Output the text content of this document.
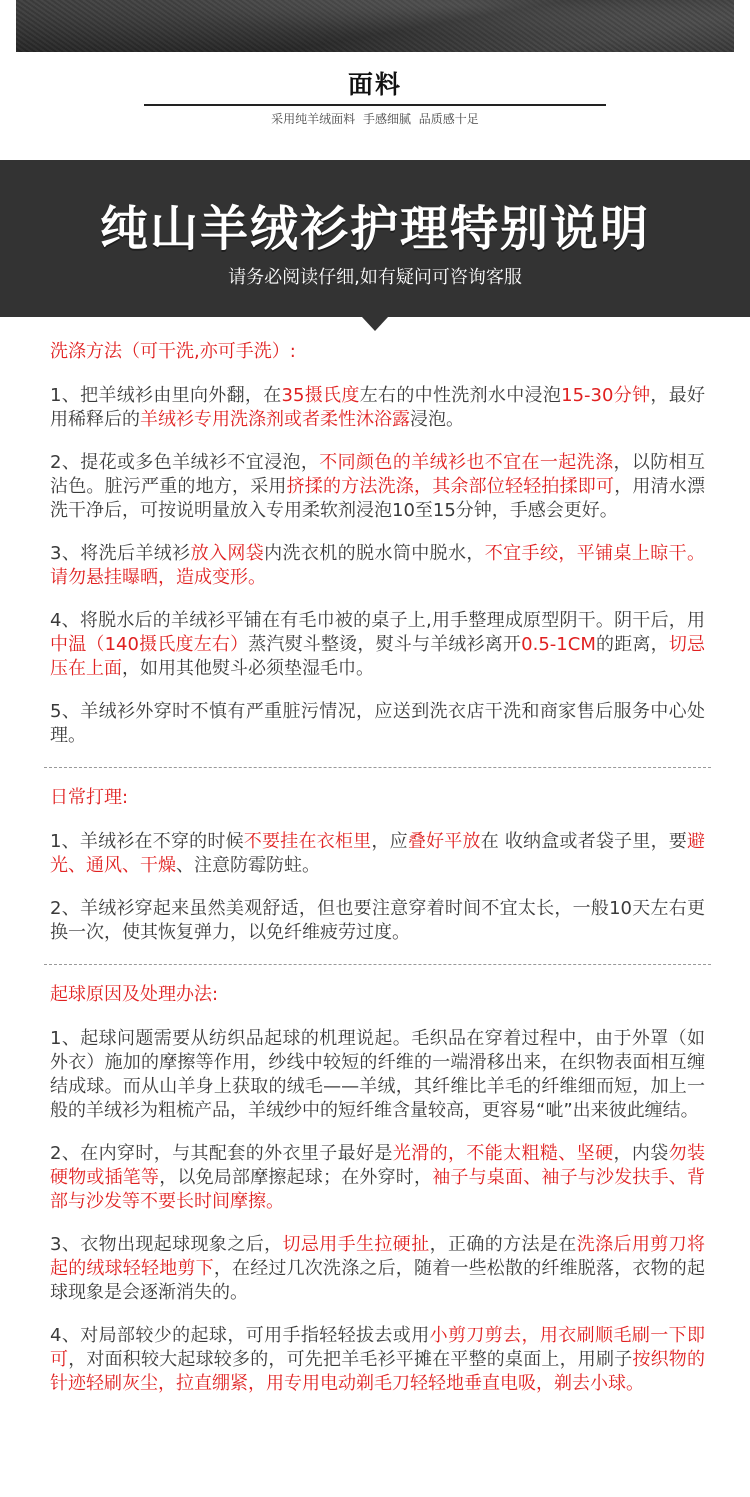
面料
采用纯羊绒面料 手感细腻 品质感十足
纯山羊绒衫护理特别说明
请务必阅读仔细,如有疑问可咨询客服

洗涤方法（可干洗,亦可手洗）:

1、把羊绒衫由里向外翻，在35摄氏度左右的中性洗剂水中浸泡15-30分钟，最好用稀释后的羊绒衫专用洗涤剂或者柔性沐浴露浸泡。

2、提花或多色羊绒衫不宜浸泡，不同颜色的羊绒衫也不宜在一起洗涤，以防相互沾色。脏污严重的地方，采用挤揉的方法洗涤，其余部位轻轻拍揉即可，用清水漂洗干净后，可按说明量放入专用柔软剂浸泡10至15分钟，手感会更好。

3、将洗后羊绒衫放入网袋内洗衣机的脱水筒中脱水，不宜手绞，平铺桌上晾干。请勿悬挂曝晒，造成变形。

4、将脱水后的羊绒衫平铺在有毛巾被的桌子上,用手整理成原型阴干。阴干后，用中温（140摄氏度左右）蒸汽熨斗整烫，熨斗与羊绒衫离开0.5-1CM的距离，切忌压在上面，如用其他熨斗必须垫湿毛巾。

5、羊绒衫外穿时不慎有严重脏污情况，应送到洗衣店干洗和商家售后服务中心处理。

日常打理:

1、羊绒衫在不穿的时候不要挂在衣柜里，应叠好平放在 收纳盒或者袋子里，要避光、通风、干燥、注意防霉防蛀。

2、羊绒衫穿起来虽然美观舒适，但也要注意穿着时间不宜太长，一般10天左右更换一次，使其恢复弹力，以免纤维疲劳过度。

起球原因及处理办法:

1、起球问题需要从纺织品起球的机理说起。毛织品在穿着过程中，由于外罩（如外衣）施加的摩擦等作用，纱线中较短的纤维的一端滑移出来，在织物表面相互缠结成球。而从山羊身上获取的绒毛——羊绒，其纤维比羊毛的纤维细而短，加上一般的羊绒衫为粗梳产品，羊绒纱中的短纤维含量较高，更容易“呲”出来彼此缠结。

2、在内穿时，与其配套的外衣里子最好是光滑的，不能太粗糙、坚硬，内袋勿装硬物或插笔等，以免局部摩擦起球；在外穿时，袖子与桌面、袖子与沙发扶手、背部与沙发等不要长时间摩擦。

3、衣物出现起球现象之后，切忌用手生拉硬扯，正确的方法是在洗涤后用剪刀将起的绒球轻轻地剪下，在经过几次洗涤之后，随着一些松散的纤维脱落，衣物的起球现象是会逐渐消失的。

4、对局部较少的起球，可用手指轻轻拔去或用小剪刀剪去，用衣刷顺毛刷一下即可，对面积较大起球较多的，可先把羊毛衫平摊在平整的桌面上，用刷子按织物的针迹轻刷灰尘，拉直绷紧，用专用电动剃毛刀轻轻地垂直电吸，剃去小球。
